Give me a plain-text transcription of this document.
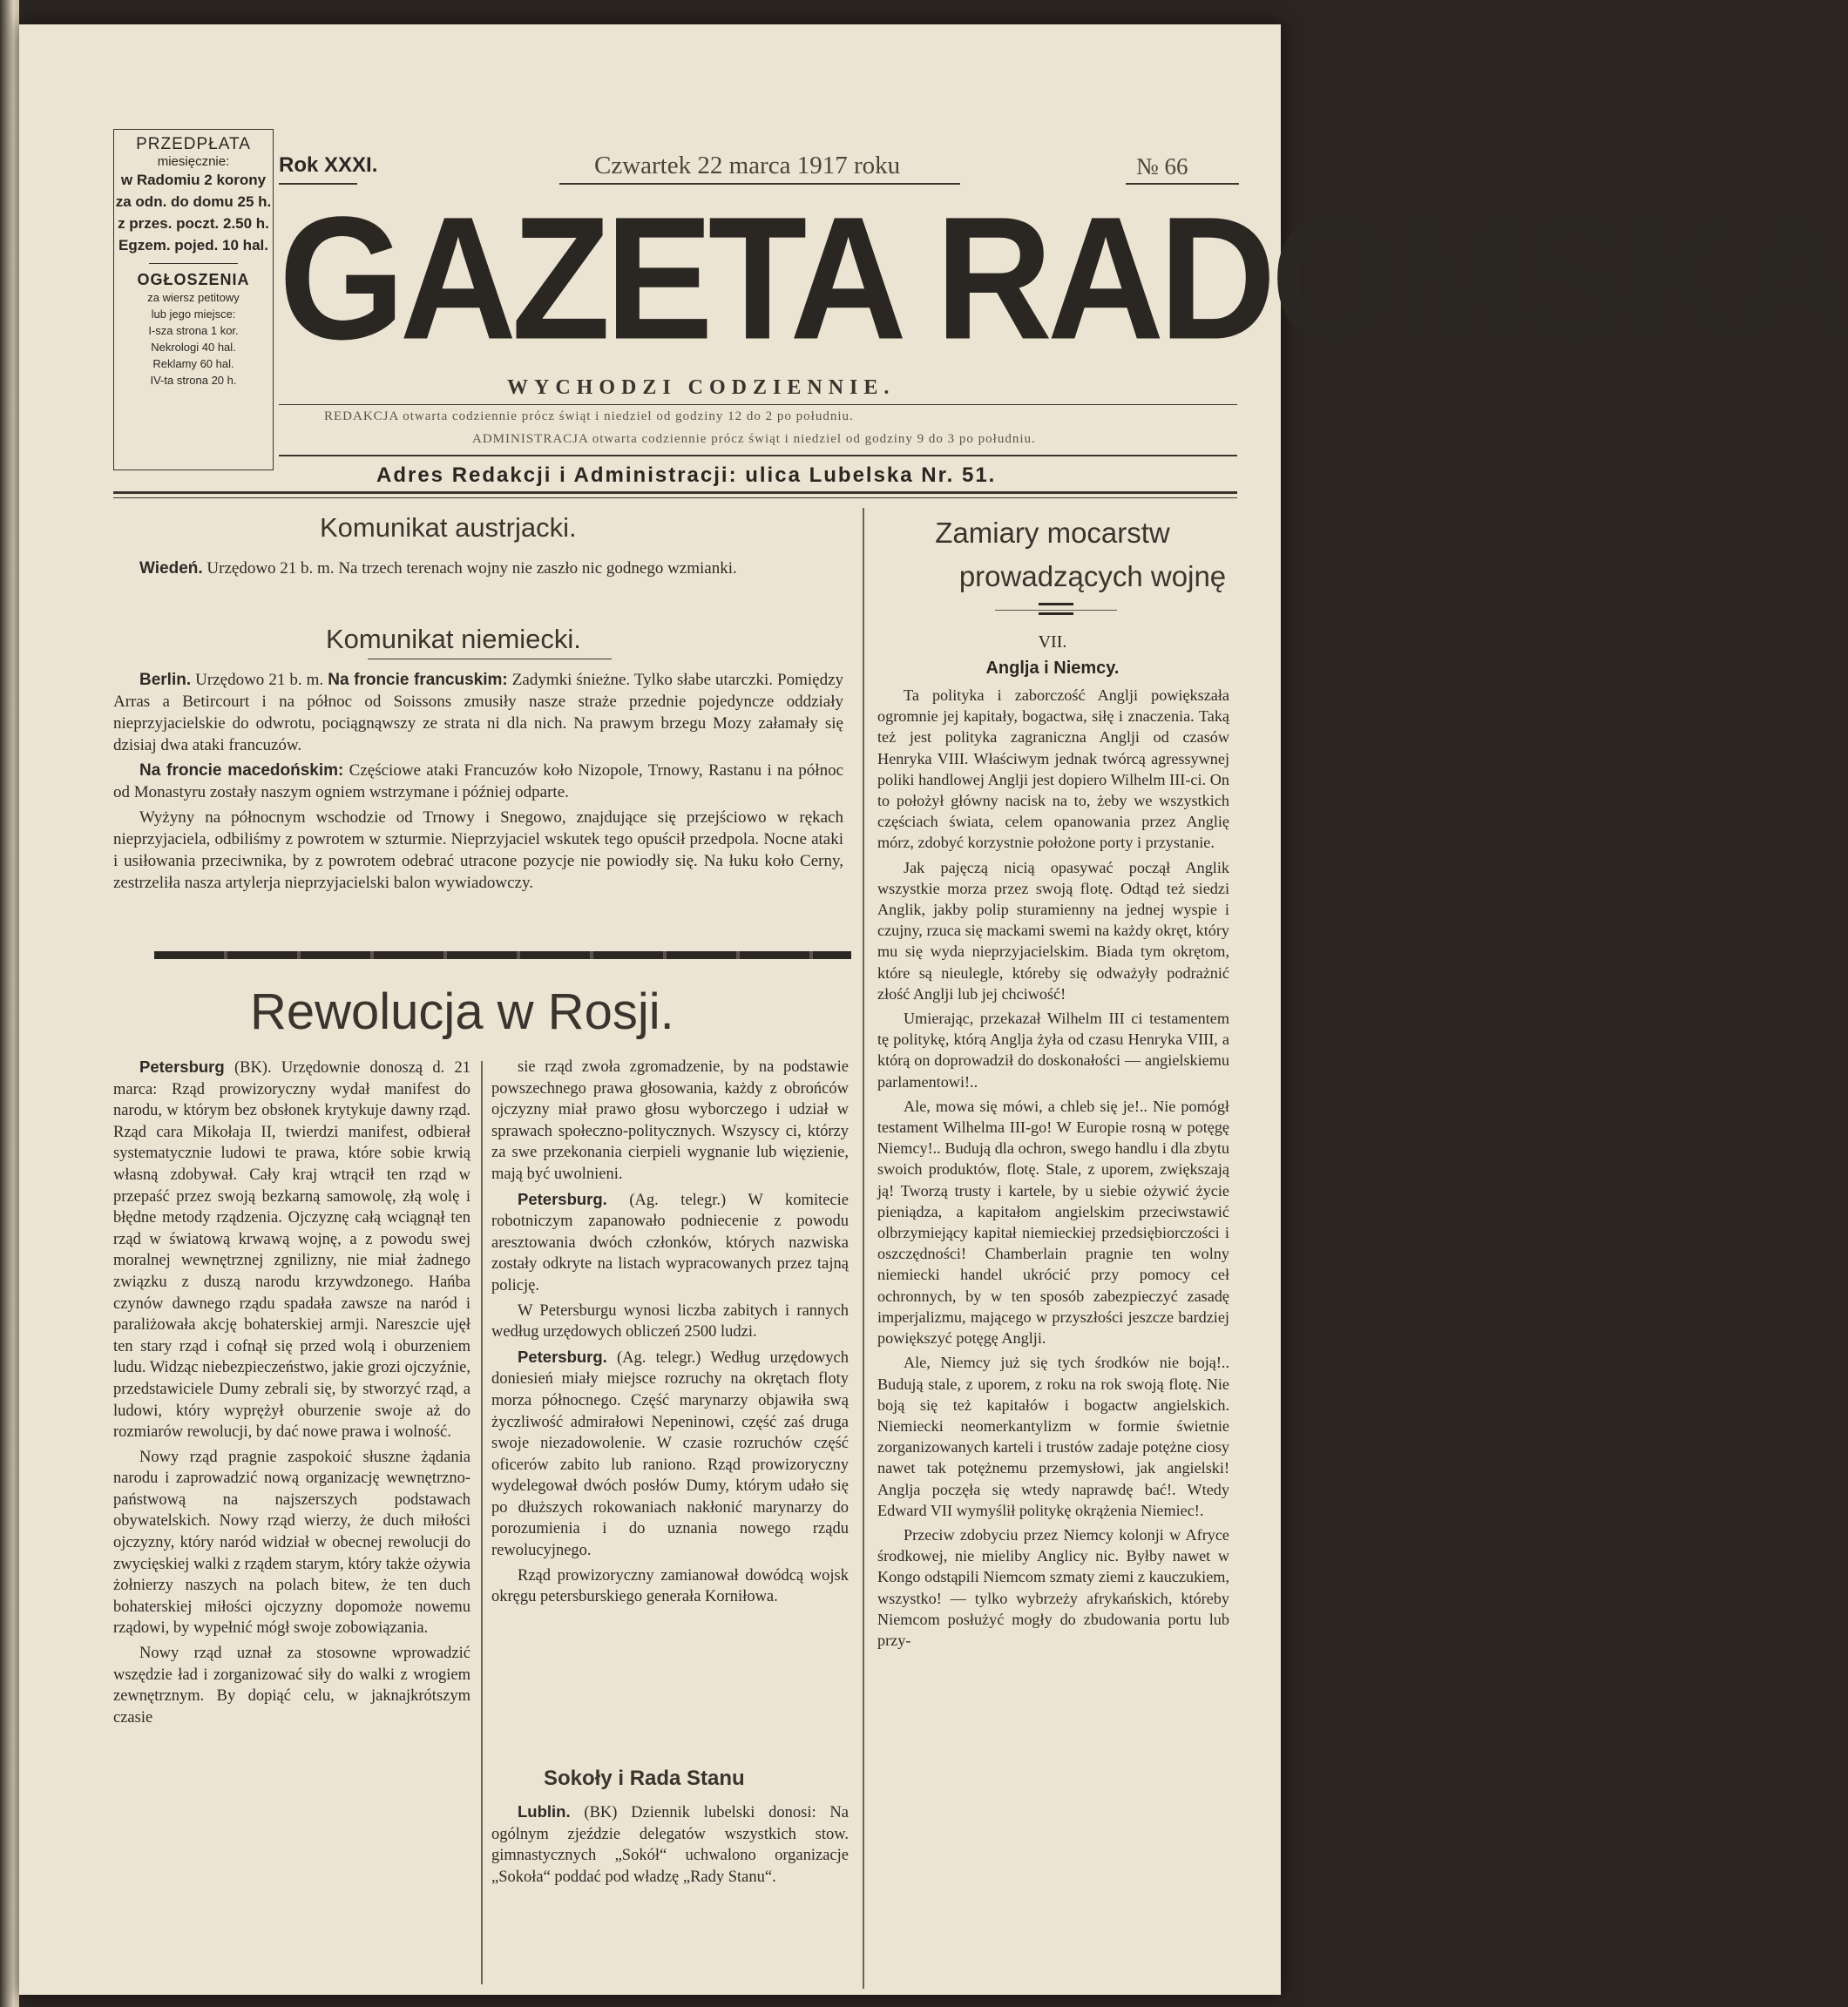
PRZEDPŁATA
miesięcznie:
w Radomiu 2 korony
za odn. do domu 25 h.
z przes. poczt. 2.50 h.
Egzem. pojed. 10 hal.
OGŁOSZENIA
za wiersz petitowy
lub jego miejsce:
I-sza strona 1 kor.
Nekrologi 40 hal.
Reklamy 60 hal.
IV-ta strona 20 h.
Rok XXXI.	Czwartek 22 marca 1917 roku	№ 66
GAZETA RADOMSKA
WYCHODZI CODZIENNIE.
REDAKCJA otwarta codziennie prócz świąt i niedziel od godziny 12 do 2 po południu.
ADMINISTRACJA otwarta codziennie prócz świąt i niedziel od godziny 9 do 3 po południu.
Adres Redakcji i Administracji: ulica Lubelska Nr. 51.
Komunikat austrjacki.

Wiedeń. Urzędowo 21 b. m. Na trzech terenach wojny nie zaszło nic godnego wzmianki.

Komunikat niemiecki.

Berlin. Urzędowo 21 b. m. Na froncie francuskim: Zadymki śnieżne. Tylko słabe utarczki. Pomiędzy Arras a Betircourt i na północ od Soissons zmusiły nasze straże przednie pojedyncze oddziały nieprzyjacielskie do odwrotu, pociągnąwszy ze strata ni dla nich. Na prawym brzegu Mozy załamały się dzisiaj dwa ataki francuzów.

Na froncie macedońskim: Częściowe ataki Francuzów koło Nizopole, Trnowy, Rastanu i na północ od Monastyru zostały naszym ogniem wstrzymane i później odparte.

Wyżyny na północnym wschodzie od Trnowy i Snegowo, znajdujące się przejściowo w rękach nieprzyjaciela, odbiliśmy z powrotem w szturmie. Nieprzyjaciel wskutek tego opuścił przedpola. Nocne ataki i usiłowania przeciwnika, by z powrotem odebrać utracone pozycje nie powiodły się. Na łuku koło Cerny, zestrzeliła nasza artylerja nieprzyjacielski balon wywiadowczy.

Rewolucja w Rosji.

Petersburg (BK). Urzędownie donoszą d. 21 marca: Rząd prowizoryczny wydał manifest do narodu, w którym bez obsłonek krytykuje dawny rząd. Rząd cara Mikołaja II, twierdzi manifest, odbierał systematycznie ludowi te prawa, które sobie krwią własną zdobywał. Cały kraj wtrącił ten rząd w przepaść przez swoją bezkarną samowolę, złą wolę i błędne metody rządzenia. Ojczyznę całą wciągnął ten rząd w światową krwawą wojnę, a z powodu swej moralnej wewnętrznej zgnilizny, nie miał żadnego związku z duszą narodu krzywdzonego. Hańba czynów dawnego rządu spadała zawsze na naród i paraliżowała akcję bohaterskiej armji. Nareszcie ujęł ten stary rząd i cofnął się przed wolą i oburzeniem ludu. Widząc niebezpieczeństwo, jakie grozi ojczyźnie, przedstawiciele Dumy zebrali się, by stworzyć rząd, a ludowi, który wyprężył oburzenie swoje aż do rozmiarów rewolucji, by dać nowe prawa i wolność.

Nowy rząd pragnie zaspokoić słuszne żądania narodu i zaprowadzić nową organizację wewnętrzno-państwową na najszerszych podstawach obywatelskich. Nowy rząd wierzy, że duch miłości ojczyzny, który naród widział w obecnej rewolucji do zwycięskiej walki z rządem starym, który także ożywia żołnierzy naszych na polach bitew, że ten duch bohaterskiej miłości ojczyzny dopomoże nowemu rządowi, by wypełnić mógł swoje zobowiązania.

Nowy rząd uznał za stosowne wprowadzić wszędzie ład i zorganizować siły do walki z wrogiem zewnętrznym. By dopiąć celu, w jaknajkrótszym czasie

sie rząd zwoła zgromadzenie, by na podstawie powszechnego prawa głosowania, każdy z obrońców ojczyzny miał prawo głosu wyborczego i udział w sprawach społeczno-politycznych. Wszyscy ci, którzy za swe przekonania cierpieli wygnanie lub więzienie, mają być uwolnieni.

Petersburg. (Ag. telegr.) W komitecie robotniczym zapanowało podniecenie z powodu aresztowania dwóch członków, których nazwiska zostały odkryte na listach wypracowanych przez tajną policję.

W Petersburgu wynosi liczba zabitych i rannych według urzędowych obliczeń 2500 ludzi.

Petersburg. (Ag. telegr.) Według urzędowych doniesień miały miejsce rozruchy na okrętach floty morza północnego. Część marynarzy objawiła swą życzliwość admirałowi Nepeninowi, część zaś druga swoje niezadowolenie. W czasie rozruchów część oficerów zabito lub raniono. Rząd prowizoryczny wydelegował dwóch posłów Dumy, którym udało się po dłuższych rokowaniach nakłonić marynarzy do porozumienia i do uznania nowego rządu rewolucyjnego.

Rząd prowizoryczny zamianował dowódcą wojsk okręgu petersburskiego generała Korniłowa.

Sokoły i Rada Stanu

Lublin. (BK) Dziennik lubelski donosi: Na ogólnym zjeździe delegatów wszystkich stow. gimnastycznych „Sokół“ uchwalono organizacje „Sokoła“ poddać pod władzę „Rady Stanu“.

Zamiary mocarstw
prowadzących wojnę
VII.
Anglja i Niemcy.

Ta polityka i zaborczość Anglji powiększała ogromnie jej kapitały, bogactwa, siłę i znaczenia. Taką też jest polityka zagraniczna Anglji od czasów Henryka VIII. Właściwym jednak twórcą agressywnej poliki handlowej Anglji jest dopiero Wilhelm III-ci. On to położył główny nacisk na to, żeby we wszystkich częściach świata, celem opanowania przez Anglię mórz, zdobyć korzystnie położone porty i przystanie.

Jak pajęczą nicią opasywać począł Anglik wszystkie morza przez swoją flotę. Odtąd też siedzi Anglik, jakby polip sturamienny na jednej wyspie i czujny, rzuca się mackami swemi na każdy okręt, który mu się wyda nieprzyjacielskim. Biada tym okrętom, które są nieulegle, któreby się odważyły podrażnić złość Anglji lub jej chciwość!

Umierając, przekazał Wilhelm III ci testamentem tę politykę, którą Anglja żyła od czasu Henryka VIII, a którą on doprowadził do doskonałości — angielskiemu parlamentowi!..

Ale, mowa się mówi, a chleb się je!.. Nie pomógł testament Wilhelma III-go! W Europie rosną w potęgę Niemcy!.. Budują dla ochron, swego handlu i dla zbytu swoich produktów, flotę. Stale, z uporem, zwiększają ją! Tworzą trusty i kartele, by u siebie ożywić życie pieniądza, a kapitałom angielskim przeciwstawić olbrzymiejący kapitał niemieckiej przedsiębiorczości i oszczędności! Chamberlain pragnie ten wolny niemiecki handel ukrócić przy pomocy ceł ochronnych, by w ten sposób zabezpieczyć zasadę imperjalizmu, mającego w przyszłości jeszcze bardziej powiększyć potęgę Anglji.

Ale, Niemcy już się tych środków nie boją!.. Budują stale, z uporem, z roku na rok swoją flotę. Nie boją się też kapitałów i bogactw angielskich. Niemiecki neomerkantylizm w formie świetnie zorganizowanych karteli i trustów zadaje potężne ciosy nawet tak potężnemu przemysłowi, jak angielski! Anglja poczęła się wtedy naprawdę bać!. Wtedy Edward VII wymyślił politykę okrążenia Niemiec!.

Przeciw zdobyciu przez Niemcy kolonji w Afryce środkowej, nie mieliby Anglicy nic. Byłby nawet w Kongo odstąpili Niemcom szmaty ziemi z kauczukiem, wszystko! — tylko wybrzeży afrykańskich, któreby Niemcom posłużyć mogły do zbudowania portu lub przy-
